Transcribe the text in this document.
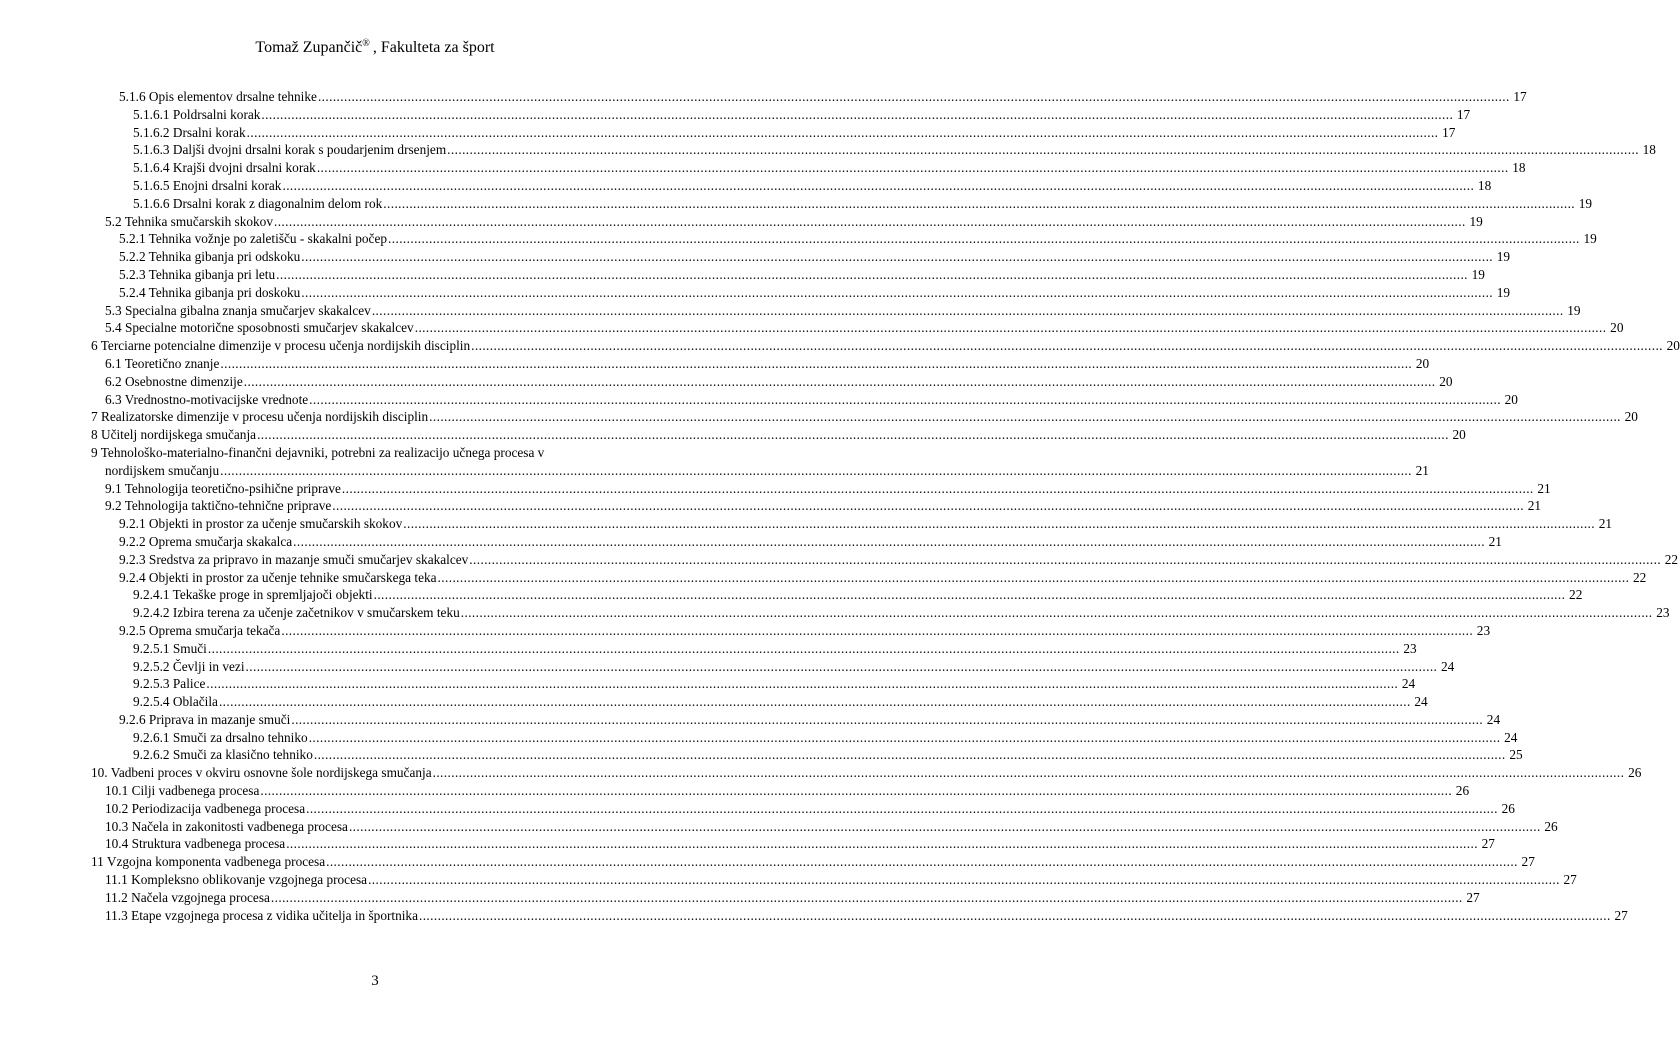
Tomaž Zupančič® , Fakulteta za šport
5.1.6 Opis elementov drsalne tehnike .....	17
5.1.6.1 Poldrsalni korak .....	17
5.1.6.2 Drsalni korak .....	17
5.1.6.3 Daljši dvojni drsalni korak s poudarjenim drsenjem .....	18
5.1.6.4 Krajši dvojni drsalni korak .....	18
5.1.6.5 Enojni drsalni korak .....	18
5.1.6.6 Drsalni korak z diagonalnim delom rok .....	19
5.2 Tehnika smučarskih skokov .....	19
5.2.1 Tehnika vožnje po zaletišču - skakalni počep .....	19
5.2.2 Tehnika gibanja pri odskoku .....	19
5.2.3 Tehnika gibanja pri letu .....	19
5.2.4 Tehnika gibanja pri doskoku .....	19
5.3 Specialna gibalna znanja smučarjev skakalcev .....	19
5.4 Specialne motorične sposobnosti smučarjev skakalcev .....	20
6 Terciarne potencialne dimenzije v procesu učenja nordijskih disciplin .....	20
6.1 Teoretično znanje .....	20
6.2 Osebnostne dimenzije .....	20
6.3 Vrednostno-motivacijske vrednote .....	20
7 Realizatorske dimenzije v procesu učenja nordijskih disciplin .....	20
8 Učitelj nordijskega smučanja .....	20
9 Tehnološko-materialno-finančni dejavniki, potrebni za realizacijo učnega procesa v
nordijskem smučanju .....	21
9.1 Tehnologija teoretično-psihične priprave .....	21
9.2 Tehnologija taktično-tehnične priprave .....	21
9.2.1 Objekti in prostor za učenje smučarskih skokov .....	21
9.2.2 Oprema smučarja skakalca .....	21
9.2.3 Sredstva za pripravo in mazanje smuči smučarjev skakalcev .....	22
9.2.4 Objekti in prostor za učenje tehnike smučarskega teka .....	22
9.2.4.1 Tekaške proge in spremljajoči objekti .....	22
9.2.4.2 Izbira terena za učenje začetnikov v smučarskem teku .....	23
9.2.5 Oprema smučarja tekača .....	23
9.2.5.1 Smuči .....	23
9.2.5.2 Čevlji in vezi .....	24
9.2.5.3 Palice .....	24
9.2.5.4 Oblačila .....	24
9.2.6 Priprava in mazanje smuči .....	24
9.2.6.1 Smuči za drsalno tehniko .....	24
9.2.6.2 Smuči za klasično tehniko .....	25
10. Vadbeni proces v okviru osnovne šole nordijskega smučanja .....	26
10.1 Cilji vadbenega procesa .....	26
10.2 Periodizacija vadbenega procesa .....	26
10.3 Načela in zakonitosti vadbenega procesa .....	26
10.4 Struktura vadbenega procesa .....	27
11 Vzgojna komponenta vadbenega procesa .....	27
11.1 Kompleksno oblikovanje vzgojnega procesa .....	27
11.2 Načela vzgojnega procesa .....	27
11.3 Etape vzgojnega procesa z vidika učitelja in športnika .....	27
3
